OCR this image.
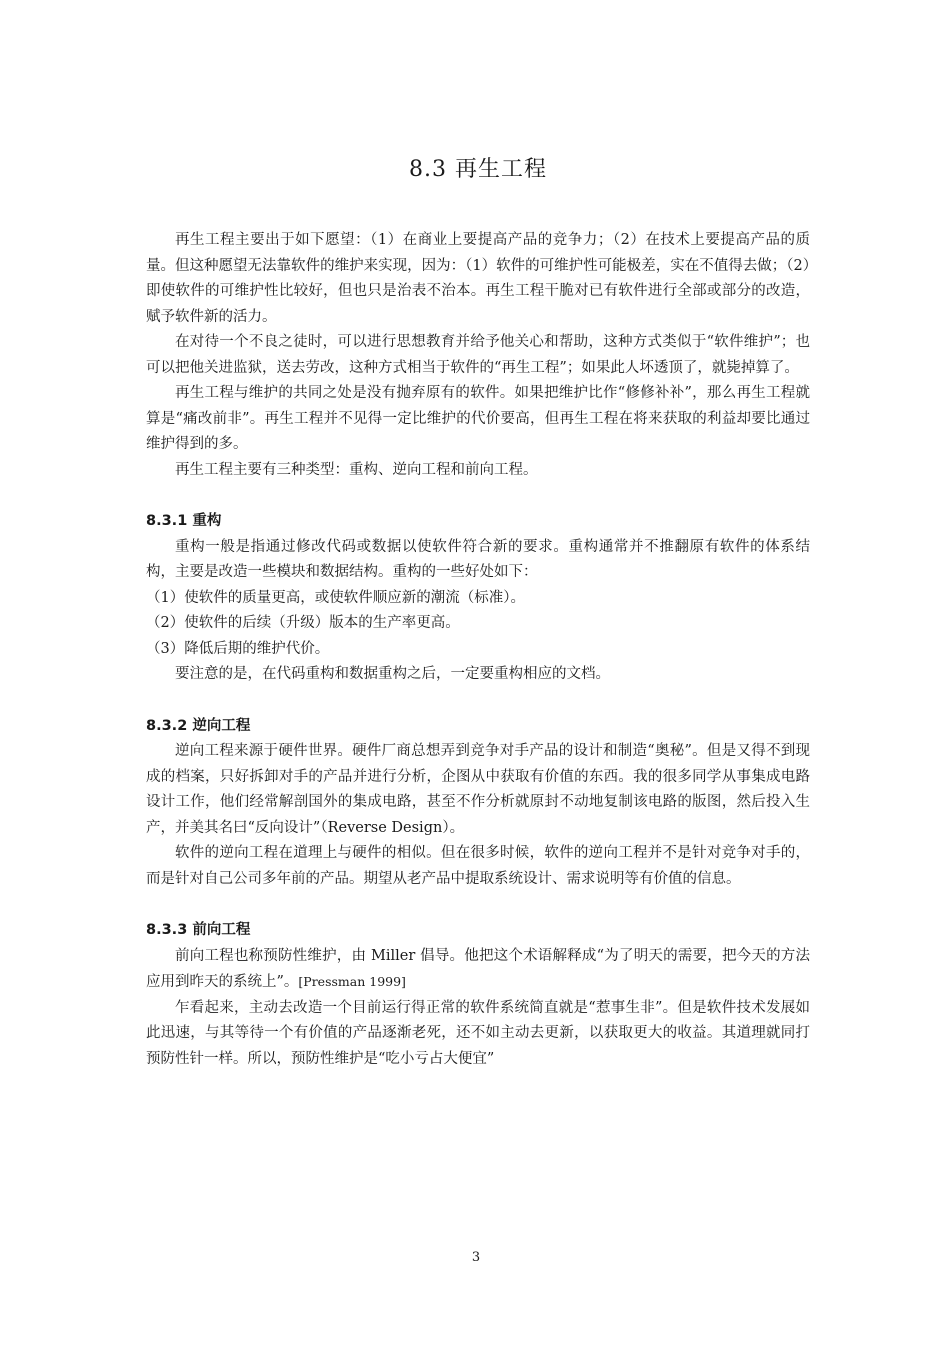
8.3 再生工程

再生工程主要出于如下愿望：（1）在商业上要提高产品的竞争力；（2）在技术上要提高产品的质量。但这种愿望无法靠软件的维护来实现，因为：（1）软件的可维护性可能极差，实在不值得去做；（2）即使软件的可维护性比较好，但也只是治表不治本。再生工程干脆对已有软件进行全部或部分的改造，赋予软件新的活力。

在对待一个不良之徒时，可以进行思想教育并给予他关心和帮助，这种方式类似于“软件维护”；也可以把他关进监狱，送去劳改，这种方式相当于软件的“再生工程”；如果此人坏透顶了，就毙掉算了。

再生工程与维护的共同之处是没有抛弃原有的软件。如果把维护比作“修修补补”，那么再生工程就算是“痛改前非”。再生工程并不见得一定比维护的代价要高，但再生工程在将来获取的利益却要比通过维护得到的多。

再生工程主要有三种类型：重构、逆向工程和前向工程。

8.3.1 重构

重构一般是指通过修改代码或数据以使软件符合新的要求。重构通常并不推翻原有软件的体系结构，主要是改造一些模块和数据结构。重构的一些好处如下：

（1）使软件的质量更高，或使软件顺应新的潮流（标准）。

（2）使软件的后续（升级）版本的生产率更高。

（3）降低后期的维护代价。

要注意的是，在代码重构和数据重构之后，一定要重构相应的文档。

8.3.2 逆向工程

逆向工程来源于硬件世界。硬件厂商总想弄到竞争对手产品的设计和制造“奥秘”。但是又得不到现成的档案，只好拆卸对手的产品并进行分析，企图从中获取有价值的东西。我的很多同学从事集成电路设计工作，他们经常解剖国外的集成电路，甚至不作分析就原封不动地复制该电路的版图，然后投入生产，并美其名曰“反向设计”（Reverse Design）。

软件的逆向工程在道理上与硬件的相似。但在很多时候，软件的逆向工程并不是针对竞争对手的，而是针对自己公司多年前的产品。期望从老产品中提取系统设计、需求说明等有价值的信息。

8.3.3 前向工程

前向工程也称预防性维护，由 Miller 倡导。他把这个术语解释成“为了明天的需要，把今天的方法应用到昨天的系统上”。[Pressman 1999]

乍看起来，主动去改造一个目前运行得正常的软件系统简直就是“惹事生非”。但是软件技术发展如此迅速，与其等待一个有价值的产品逐渐老死，还不如主动去更新，以获取更大的收益。其道理就同打预防性针一样。所以，预防性维护是“吃小亏占大便宜”

3
